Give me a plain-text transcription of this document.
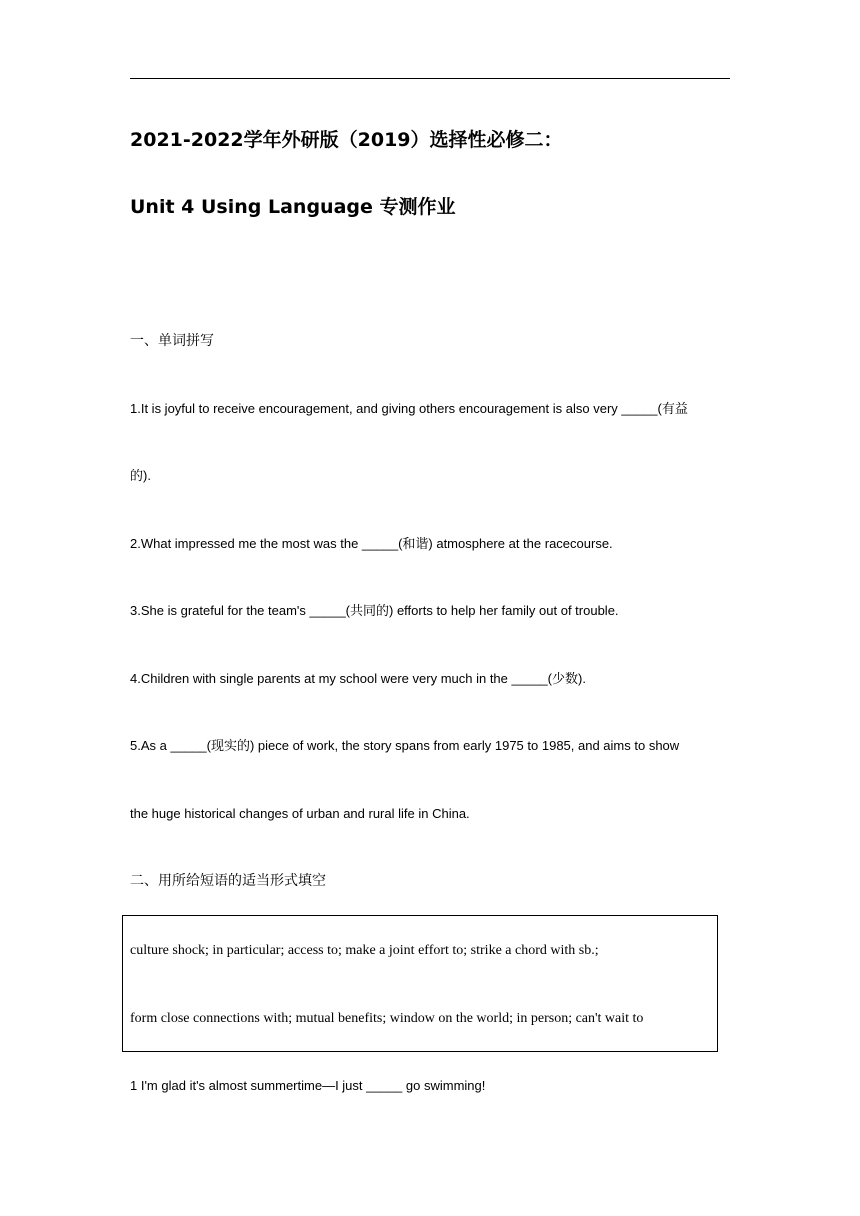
2021-2022学年外研版（2019）选择性必修二：
Unit 4 Using Language 专测作业
一、单词拼写
1.It is joyful to receive encouragement, and giving others encouragement is also very _____(有益
的).
2.What impressed me the most was the _____(和谐) atmosphere at the racecourse.
3.She is grateful for the team's _____(共同的) efforts to help her family out of trouble.
4.Children with single parents at my school were very much in the _____(少数).
5.As a _____(现实的) piece of work, the story spans from early 1975 to 1985, and aims to show
the huge historical changes of urban and rural life in China.
二、用所给短语的适当形式填空
culture shock; in particular; access to; make a joint effort to; strike a chord with sb.;
form close connections with; mutual benefits; window on the world; in person; can't wait to
1 I'm glad it's almost summertime—I just _____ go swimming!
